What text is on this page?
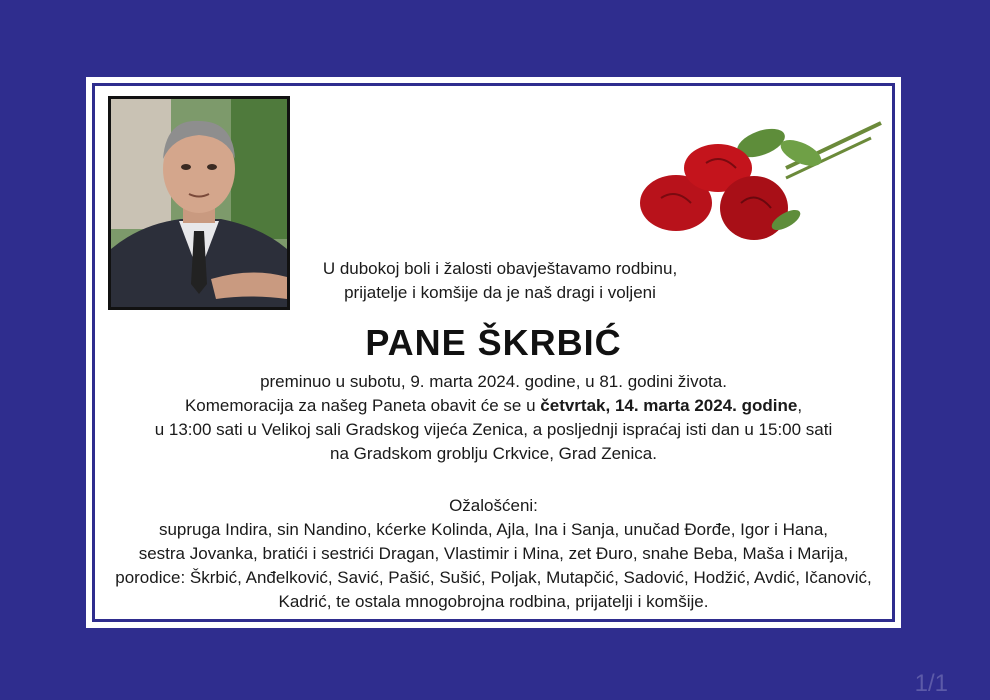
U dubokoj boli i žalosti obavještavamo rodbinu,
prijatelje i komšije da je naš dragi i voljeni
PANE ŠKRBIĆ
preminuo u subotu, 9. marta 2024. godine, u 81. godini života.
Komemoracija za našeg Paneta obavit će se u četvrtak, 14. marta 2024. godine,
u 13:00 sati u Velikoj sali Gradskog vijeća Zenica, a posljednji ispraćaj isti dan u 15:00 sati
na Gradskom groblju Crkvice, Grad Zenica.
Ožalošćeni:
supruga Indira, sin Nandino, kćerke Kolinda, Ajla, Ina i Sanja, unučad Đorđe, Igor i Hana,
sestra Jovanka, bratići i sestrići Dragan, Vlastimir i Mina, zet Đuro, snahe Beba, Maša i Marija,
porodice: Škrbić, Anđelković, Savić, Pašić, Sušić, Poljak, Mutapčić, Sadović, Hodžić, Avdić, Ičanović,
Kadrić, te ostala mnogobrojna rodbina, prijatelji i komšije.
1/1
